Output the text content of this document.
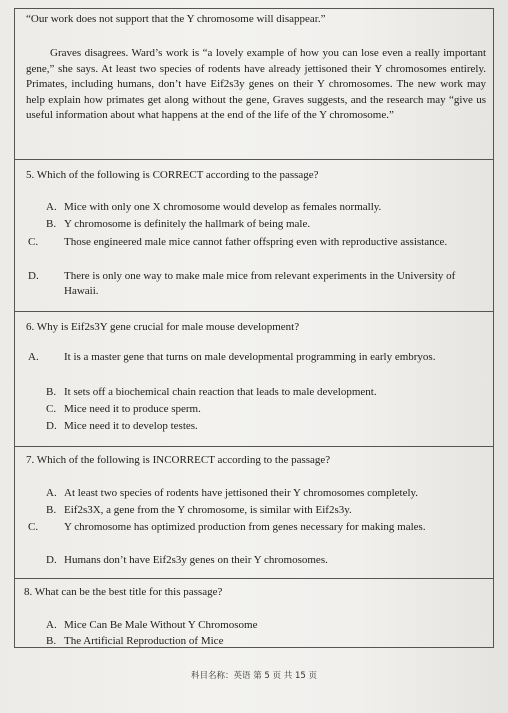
“Our work does not support that the Y chromosome will disappear.”

Graves disagrees. Ward’s work is “a lovely example of how you can lose even a really important gene,” she says. At least two species of rodents have already jettisoned their Y chromosomes entirely. Primates, including humans, don’t have Eif2s3y genes on their Y chromosomes. The new work may help explain how primates get along without the gene, Graves suggests, and the research may “give us useful information about what happens at the end of the life of the Y chromosome.”

5. Which of the following is CORRECT according to the passage?

A. Mice with only one X chromosome would develop as females normally.

B. Y chromosome is definitely the hallmark of being male.

C. Those engineered male mice cannot father offspring even with reproductive assistance.

D. There is only one way to make male mice from relevant experiments in the University of Hawaii.

6. Why is Eif2s3Y gene crucial for male mouse development?

A. It is a master gene that turns on male developmental programming in early embryos.

B. It sets off a biochemical chain reaction that leads to male development.

C. Mice need it to produce sperm.

D. Mice need it to develop testes.

7. Which of the following is INCORRECT according to the passage?

A. At least two species of rodents have jettisoned their Y chromosomes completely.

B. Eif2s3X, a gene from the Y chromosome, is similar with Eif2s3y.

C. Y chromosome has optimized production from genes necessary for making males.

D. Humans don’t have Eif2s3y genes on their Y chromosomes.

8. What can be the best title for this passage?

A. Mice Can Be Male Without Y Chromosome

B. The Artificial Reproduction of Mice

科目名称：英语 第 5 页 共 15 页
